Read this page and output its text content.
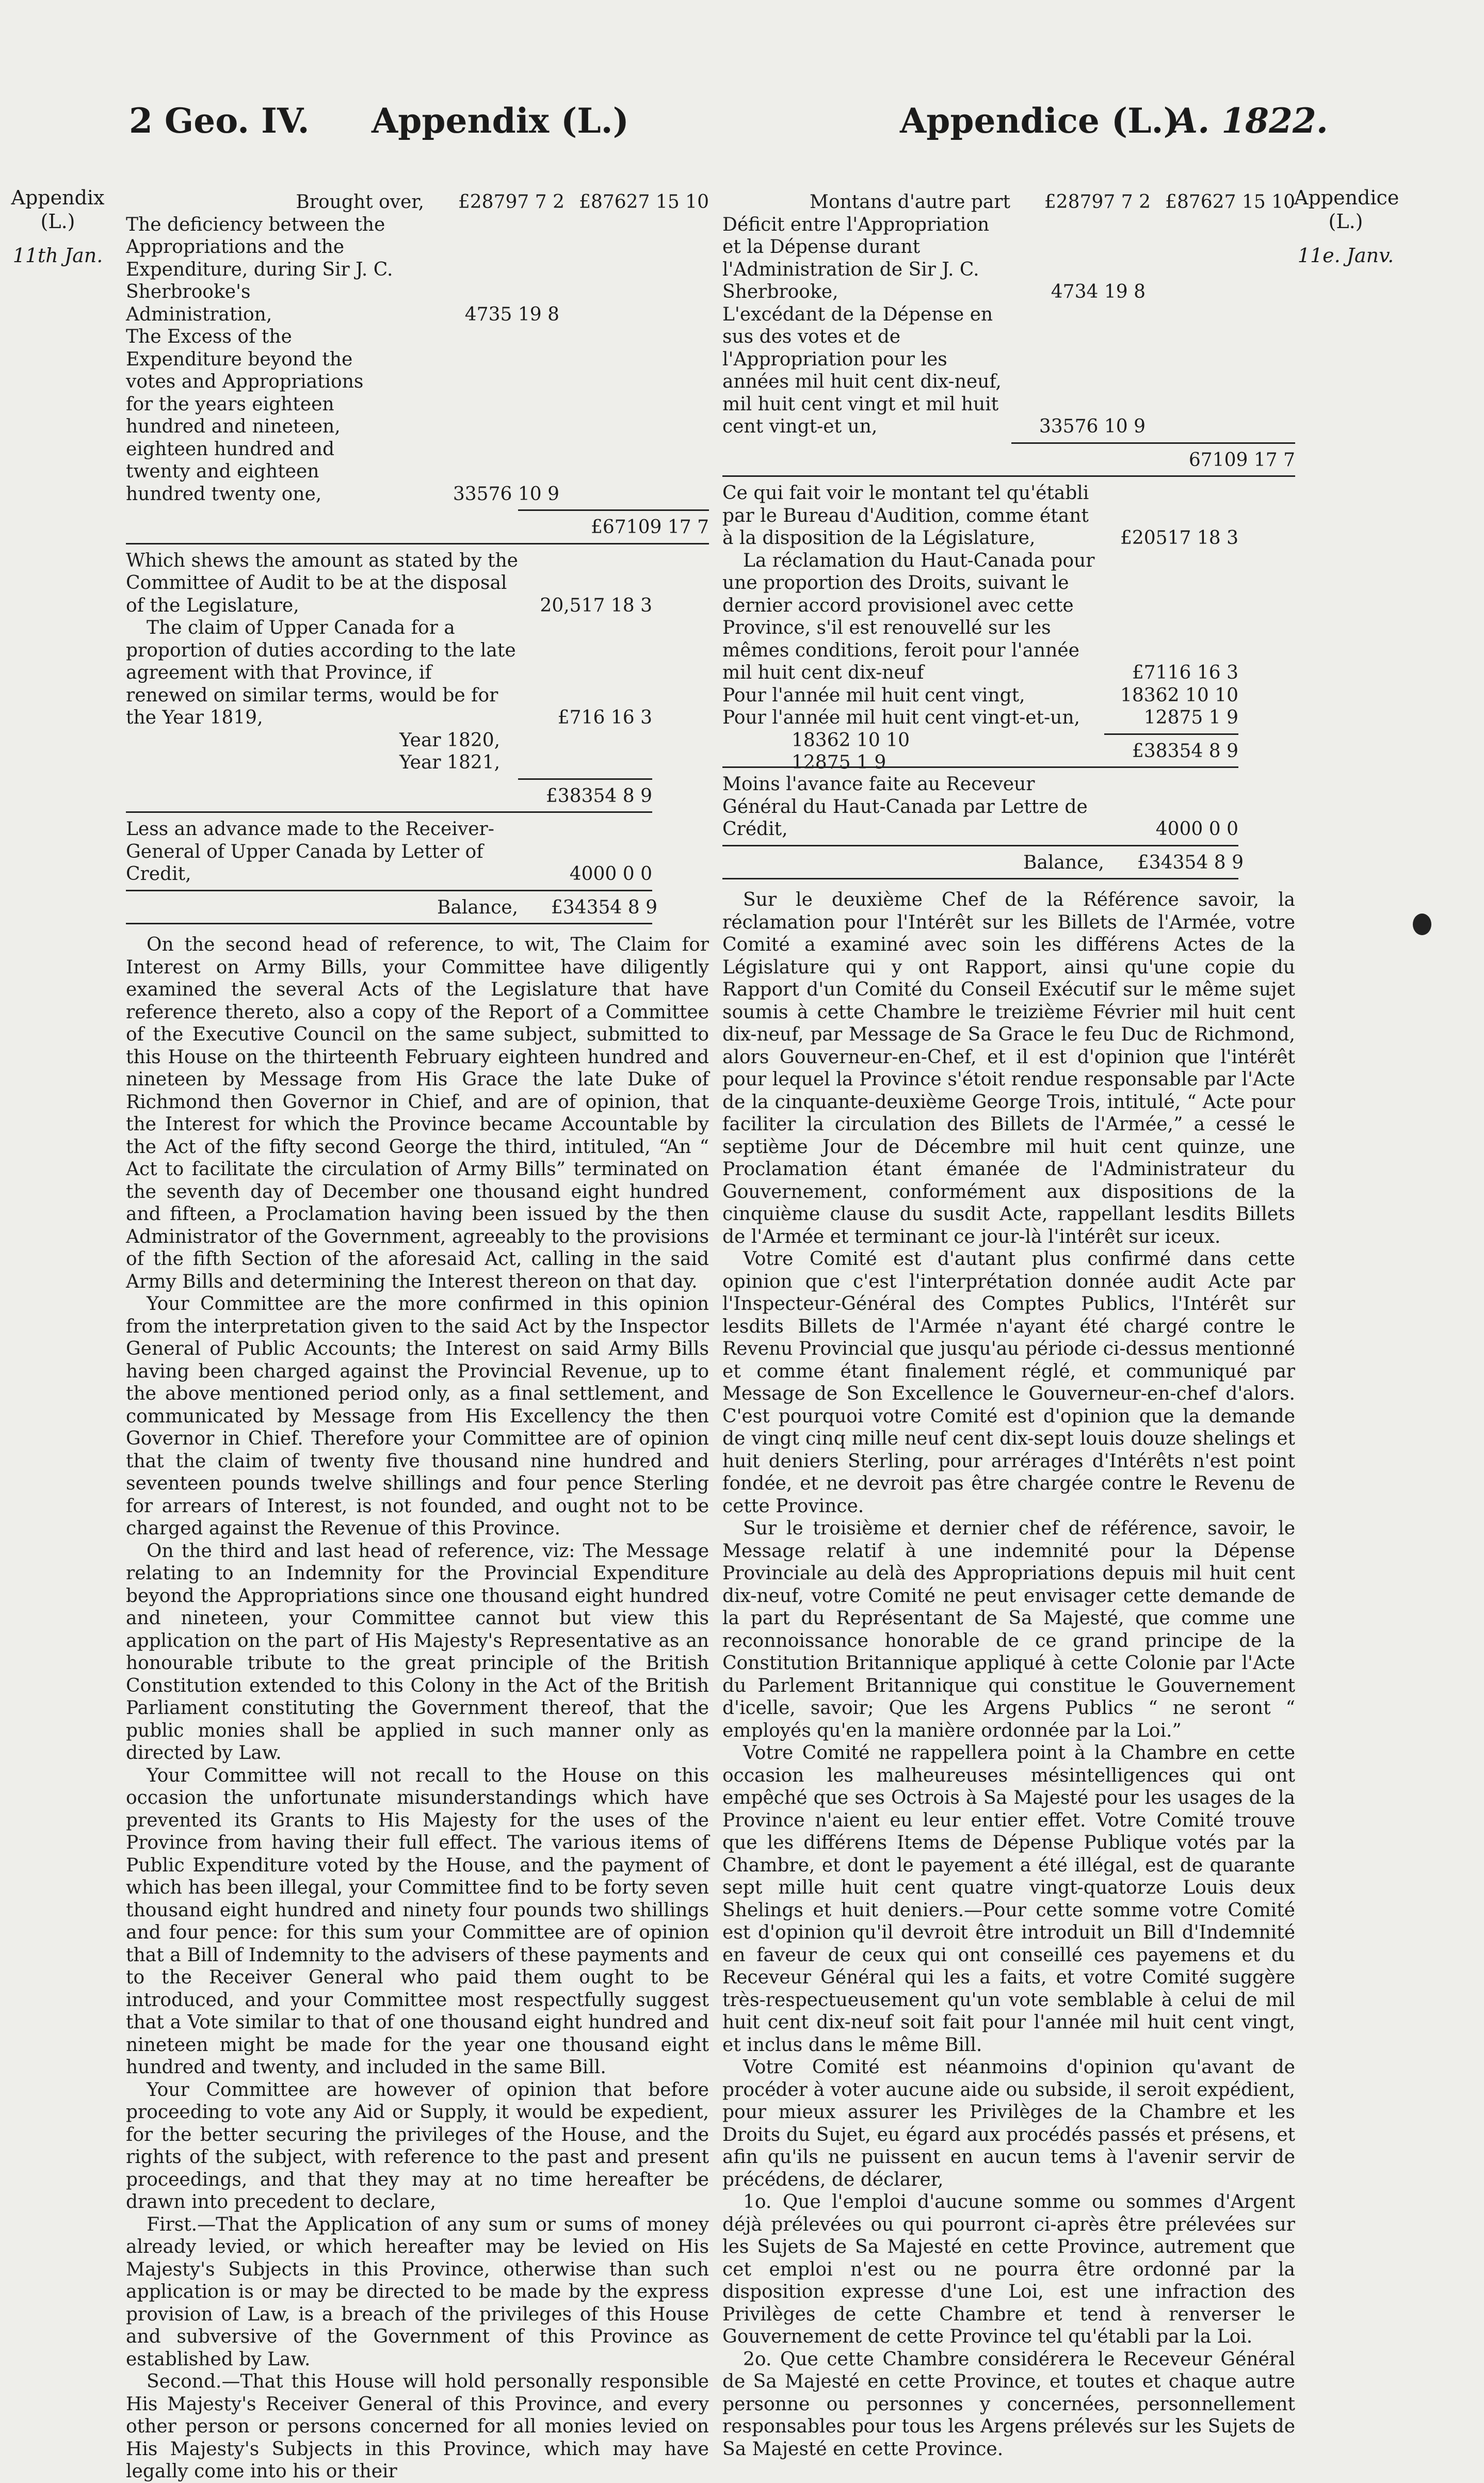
2 Geo. IV. Appendix (L.)	Appendice (L.)
A. 1822.
Appendix
(L.)
11th Jan.
Appendice
(L.)
11e. Janv.
Brought over,	£28797 7 2 £87627 15 10
The deficiency between the Appropriations and the Expenditure, during Sir J. C. Sherbrooke's Administration,	4735 19 8
The Excess of the Expenditure beyond the votes and Appropriations for the years eighteen hundred and nineteen, eighteen hundred and twenty and eighteen hundred twenty one,	33576 10 9
£67109 17 7
Which shews the amount as stated by the Committee of Audit to be at the disposal of the Legislature,	20,517 18 3
The claim of Upper Canada for a proportion of duties according to the late agreement with that Province, if renewed on similar terms, would be for the Year 1819,	£716 16 3
Year 1820,	18362 10 10
Year 1821,	12875 1 9
£38354 8 9
Less an advance made to the Receiver-General of Upper Canada by Letter of Credit,	4000 0 0
Balance,	£34354 8 9

On the second head of reference, to wit, The Claim for Interest on Army Bills, your Committee have diligently examined the several Acts of the Legislature that have reference thereto, also a copy of the Report of a Committee of the Executive Council on the same subject, submitted to this House on the thirteenth February eighteen hundred and nineteen by Message from His Grace the late Duke of Richmond then Governor in Chief, and are of opinion, that the Interest for which the Province became Accountable by the Act of the fifty second George the third, intituled, “An “ Act to facilitate the circulation of Army Bills” terminated on the seventh day of December one thousand eight hundred and fifteen, a Proclamation having been issued by the then Administrator of the Government, agreeably to the provisions of the fifth Section of the aforesaid Act, calling in the said Army Bills and determining the Interest thereon on that day.

Your Committee are the more confirmed in this opinion from the interpretation given to the said Act by the Inspector General of Public Accounts; the Interest on said Army Bills having been charged against the Provincial Revenue, up to the above mentioned period only, as a final settlement, and communicated by Message from His Excellency the then Governor in Chief. Therefore your Committee are of opinion that the claim of twenty five thousand nine hundred and seventeen pounds twelve shillings and four pence Sterling for arrears of Interest, is not founded, and ought not to be charged against the Revenue of this Province.

On the third and last head of reference, viz: The Message relating to an Indemnity for the Provincial Expenditure beyond the Appropriations since one thousand eight hundred and nineteen, your Committee cannot but view this application on the part of His Majesty's Representative as an honourable tribute to the great principle of the British Constitution extended to this Colony in the Act of the British Parliament constituting the Government thereof, that the public monies shall be applied in such manner only as directed by Law.

Your Committee will not recall to the House on this occasion the unfortunate misunderstandings which have prevented its Grants to His Majesty for the uses of the Province from having their full effect. The various items of Public Expenditure voted by the House, and the payment of which has been illegal, your Committee find to be forty seven thousand eight hundred and ninety four pounds two shillings and four pence: for this sum your Committee are of opinion that a Bill of Indemnity to the advisers of these payments and to the Receiver General who paid them ought to be introduced, and your Committee most respectfully suggest that a Vote similar to that of one thousand eight hundred and nineteen might be made for the year one thousand eight hundred and twenty, and included in the same Bill.

Your Committee are however of opinion that before proceeding to vote any Aid or Supply, it would be expedient, for the better securing the privileges of the House, and the rights of the subject, with reference to the past and present proceedings, and that they may at no time hereafter be drawn into precedent to declare,

First.—That the Application of any sum or sums of money already levied, or which hereafter may be levied on His Majesty's Subjects in this Province, otherwise than such application is or may be directed to be made by the express provision of Law, is a breach of the privileges of this House and subversive of the Government of this Province as established by Law.

Second.—That this House will hold personally responsible His Majesty's Receiver General of this Province, and every other person or persons concerned for all monies levied on His Majesty's Subjects in this Province, which may have legally come into his or their

Montans d'autre part	£28797 7 2 £87627 15 10
Déficit entre l'Appropriation et la Dépense durant l'Administration de Sir J. C. Sherbrooke,	4734 19 8
L'excédant de la Dépense en sus des votes et de l'Appropriation pour les années mil huit cent dix-neuf, mil huit cent vingt et mil huit cent vingt-et un,	33576 10 9
67109 17 7
Ce qui fait voir le montant tel qu'établi par le Bureau d'Audition, comme étant à la disposition de la Législature,	£20517 18 3
La réclamation du Haut-Canada pour une proportion des Droits, suivant le dernier accord provisionel avec cette Province, s'il est renouvellé sur les mêmes conditions, feroit pour l'année mil huit cent dix-neuf	£7116 16 3
Pour l'année mil huit cent vingt,	18362 10 10
Pour l'année mil huit cent vingt-et-un,	12875 1 9
£38354 8 9
Moins l'avance faite au Receveur Général du Haut-Canada par Lettre de Crédit,	4000 0 0
Balance,	£34354 8 9

Sur le deuxième Chef de la Référence savoir, la réclamation pour l'Intérêt sur les Billets de l'Armée, votre Comité a examiné avec soin les différens Actes de la Législature qui y ont Rapport, ainsi qu'une copie du Rapport d'un Comité du Conseil Exécutif sur le même sujet soumis à cette Chambre le treizième Février mil huit cent dix-neuf, par Message de Sa Grace le feu Duc de Richmond, alors Gouverneur-en-Chef, et il est d'opinion que l'intérêt pour lequel la Province s'étoit rendue responsable par l'Acte de la cinquante-deuxième George Trois, intitulé, “ Acte pour faciliter la circulation des Billets de l'Armée,” a cessé le septième Jour de Décembre mil huit cent quinze, une Proclamation étant émanée de l'Administrateur du Gouvernement, conformément aux dispositions de la cinquième clause du susdit Acte, rappellant lesdits Billets de l'Armée et terminant ce jour-là l'intérêt sur iceux.

Votre Comité est d'autant plus confirmé dans cette opinion que c'est l'interprétation donnée audit Acte par l'Inspecteur-Général des Comptes Publics, l'Intérêt sur lesdits Billets de l'Armée n'ayant été chargé contre le Revenu Provincial que jusqu'au période ci-dessus mentionné et comme étant finalement réglé, et communiqué par Message de Son Excellence le Gouverneur-en-chef d'alors. C'est pourquoi votre Comité est d'opinion que la demande de vingt cinq mille neuf cent dix-sept louis douze shelings et huit deniers Sterling, pour arrérages d'Intérêts n'est point fondée, et ne devroit pas être chargée contre le Revenu de cette Province.

Sur le troisième et dernier chef de référence, savoir, le Message relatif à une indemnité pour la Dépense Provinciale au delà des Appropriations depuis mil huit cent dix-neuf, votre Comité ne peut envisager cette demande de la part du Représentant de Sa Majesté, que comme une reconnoissance honorable de ce grand principe de la Constitution Britannique appliqué à cette Colonie par l'Acte du Parlement Britannique qui constitue le Gouvernement d'icelle, savoir; Que les Argens Publics “ ne seront “ employés qu'en la manière ordonnée par la Loi.”

Votre Comité ne rappellera point à la Chambre en cette occasion les malheureuses mésintelligences qui ont empêché que ses Octrois à Sa Majesté pour les usages de la Province n'aient eu leur entier effet. Votre Comité trouve que les différens Items de Dépense Publique votés par la Chambre, et dont le payement a été illégal, est de quarante sept mille huit cent quatre vingt-quatorze Louis deux Shelings et huit deniers.—Pour cette somme votre Comité est d'opinion qu'il devroit être introduit un Bill d'Indemnité en faveur de ceux qui ont conseillé ces payemens et du Receveur Général qui les a faits, et votre Comité suggère très-respectueusement qu'un vote semblable à celui de mil huit cent dix-neuf soit fait pour l'année mil huit cent vingt, et inclus dans le même Bill.

Votre Comité est néanmoins d'opinion qu'avant de procéder à voter aucune aide ou subside, il seroit expédient, pour mieux assurer les Privilèges de la Chambre et les Droits du Sujet, eu égard aux procédés passés et présens, et afin qu'ils ne puissent en aucun tems à l'avenir servir de précédens, de déclarer,

1o. Que l'emploi d'aucune somme ou sommes d'Argent déjà prélevées ou qui pourront ci-après être prélevées sur les Sujets de Sa Majesté en cette Province, autrement que cet emploi n'est ou ne pourra être ordonné par la disposition expresse d'une Loi, est une infraction des Privilèges de cette Chambre et tend à renverser le Gouvernement de cette Province tel qu'établi par la Loi.

2o. Que cette Chambre considérera le Receveur Général de Sa Majesté en cette Province, et toutes et chaque autre personne ou personnes y concernées, personnellement responsables pour tous les Argens prélevés sur les Sujets de Sa Majesté en cette Province.
